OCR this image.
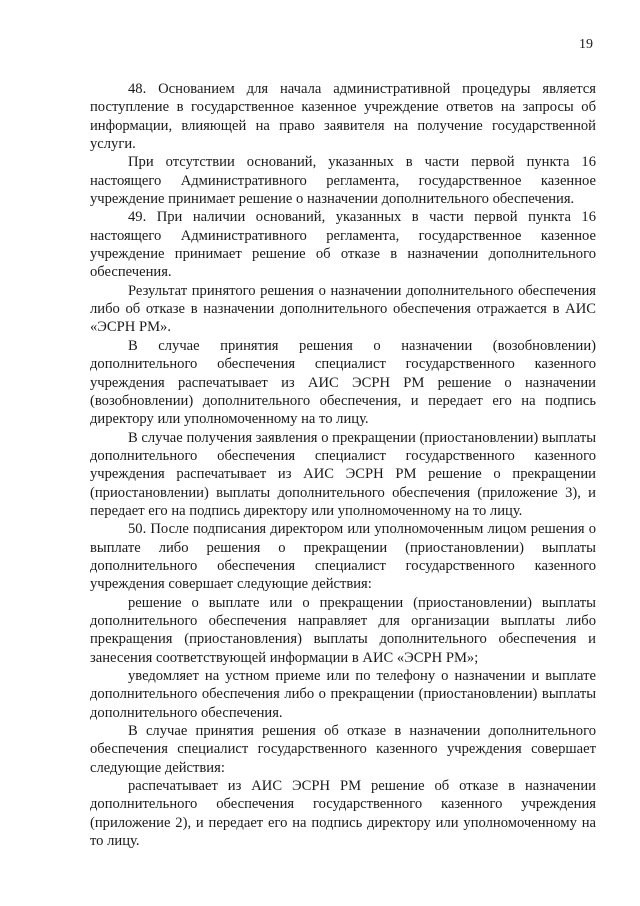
19

48. Основанием для начала административной процедуры является поступление в государственное казенное учреждение ответов на запросы об информации, влияющей на право заявителя на получение государственной услуги.

При отсутствии оснований, указанных в части первой пункта 16 настоящего Административного регламента, государственное казенное учреждение принимает решение о назначении дополнительного обеспечения.

49. При наличии оснований, указанных в части первой пункта 16 настоящего Административного регламента, государственное казенное учреждение принимает решение об отказе в назначении дополнительного обеспечения.

Результат принятого решения о назначении дополнительного обеспечения либо об отказе в назначении дополнительного обеспечения отражается в АИС «ЭСРН РМ».

В случае принятия решения о назначении (возобновлении) дополнительного обеспечения специалист государственного казенного учреждения распечатывает из АИС ЭСРН РМ решение о назначении (возобновлении) дополнительного обеспечения, и передает его на подпись директору или уполномоченному на то лицу.

В случае получения заявления о прекращении (приостановлении) выплаты дополнительного обеспечения специалист государственного казенного учреждения распечатывает из АИС ЭСРН РМ решение о прекращении (приостановлении) выплаты дополнительного обеспечения (приложение 3), и передает его на подпись директору или уполномоченному на то лицу.

50. После подписания директором или уполномоченным лицом решения о выплате либо решения о прекращении (приостановлении) выплаты дополнительного обеспечения специалист государственного казенного учреждения совершает следующие действия:

решение о выплате или о прекращении (приостановлении) выплаты дополнительного обеспечения направляет для организации выплаты либо прекращения (приостановления) выплаты дополнительного обеспечения и занесения соответствующей информации в АИС «ЭСРН РМ»;

уведомляет на устном приеме или по телефону о назначении и выплате дополнительного обеспечения либо о прекращении (приостановлении) выплаты дополнительного обеспечения.

В случае принятия решения об отказе в назначении дополнительного обеспечения специалист государственного казенного учреждения совершает следующие действия:

распечатывает из АИС ЭСРН РМ решение об отказе в назначении дополнительного обеспечения государственного казенного учреждения (приложение 2), и передает его на подпись директору или уполномоченному на то лицу.
